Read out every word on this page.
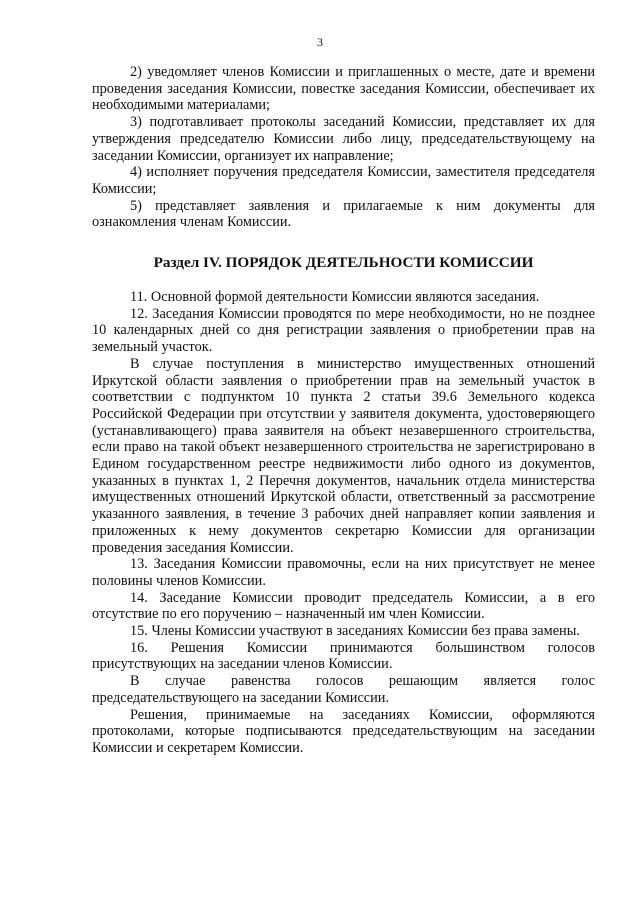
3

2) уведомляет членов Комиссии и приглашенных о месте, дате и времени проведения заседания Комиссии, повестке заседания Комиссии, обеспечивает их необходимыми материалами;

3) подготавливает протоколы заседаний Комиссии, представляет их для утверждения председателю Комиссии либо лицу, председательствующему на заседании Комиссии, организует их направление;

4) исполняет поручения председателя Комиссии, заместителя председателя Комиссии;

5) представляет заявления и прилагаемые к ним документы для ознакомления членам Комиссии.

Раздел IV. ПОРЯДОК ДЕЯТЕЛЬНОСТИ КОМИССИИ

11. Основной формой деятельности Комиссии являются заседания.

12. Заседания Комиссии проводятся по мере необходимости, но не позднее 10 календарных дней со дня регистрации заявления о приобретении прав на земельный участок.

В случае поступления в министерство имущественных отношений Иркутской области заявления о приобретении прав на земельный участок в соответствии с подпунктом 10 пункта 2 статьи 39.6 Земельного кодекса Российской Федерации при отсутствии у заявителя документа, удостоверяющего (устанавливающего) права заявителя на объект незавершенного строительства, если право на такой объект незавершенного строительства не зарегистрировано в Едином государственном реестре недвижимости либо одного из документов, указанных в пунктах 1, 2 Перечня документов, начальник отдела министерства имущественных отношений Иркутской области, ответственный за рассмотрение указанного заявления, в течение 3 рабочих дней направляет копии заявления и приложенных к нему документов секретарю Комиссии для организации проведения заседания Комиссии.

13. Заседания Комиссии правомочны, если на них присутствует не менее половины членов Комиссии.

14. Заседание Комиссии проводит председатель Комиссии, а в его отсутствие по его поручению – назначенный им член Комиссии.

15. Члены Комиссии участвуют в заседаниях Комиссии без права замены.

16. Решения Комиссии принимаются большинством голосов присутствующих на заседании членов Комиссии.

В случае равенства голосов решающим является голос председательствующего на заседании Комиссии.

Решения, принимаемые на заседаниях Комиссии, оформляются протоколами, которые подписываются председательствующим на заседании Комиссии и секретарем Комиссии.
